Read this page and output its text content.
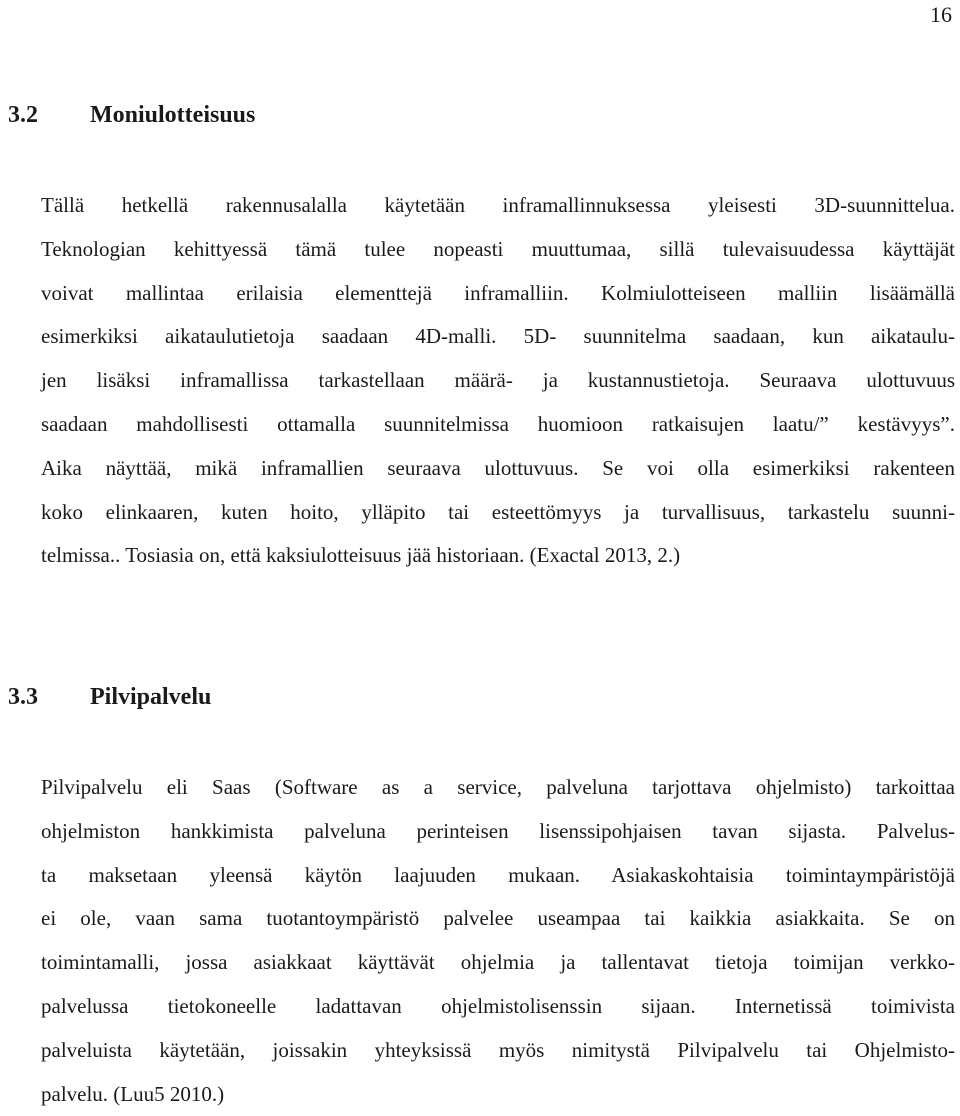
16
3.2 Moniulotteisuus
Tällä hetkellä rakennusalalla käytetään inframallinnuksessa yleisesti 3D-suunnittelua.
Teknologian kehittyessä tämä tulee nopeasti muuttumaa, sillä tulevaisuudessa käyttäjät
voivat mallintaa erilaisia elementtejä inframalliin. Kolmiulotteiseen malliin lisäämällä
esimerkiksi aikataulutietoja saadaan 4D-malli. 5D- suunnitelma saadaan, kun aikataulu-
jen lisäksi inframallissa tarkastellaan määrä- ja kustannustietoja. Seuraava ulottuvuus
saadaan mahdollisesti ottamalla suunnitelmissa huomioon ratkaisujen laatu/” kestävyys”.
Aika näyttää, mikä inframallien seuraava ulottuvuus. Se voi olla esimerkiksi rakenteen
koko elinkaaren, kuten hoito, ylläpito tai esteettömyys ja turvallisuus, tarkastelu suunni-
telmissa.. Tosiasia on, että kaksiulotteisuus jää historiaan. (Exactal 2013, 2.)
3.3 Pilvipalvelu
Pilvipalvelu eli Saas (Software as a service, palveluna tarjottava ohjelmisto) tarkoittaa
ohjelmiston hankkimista palveluna perinteisen lisenssipohjaisen tavan sijasta. Palvelus-
ta maksetaan yleensä käytön laajuuden mukaan. Asiakaskohtaisia toimintaympäristöjä
ei ole, vaan sama tuotantoympäristö palvelee useampaa tai kaikkia asiakkaita. Se on
toimintamalli, jossa asiakkaat käyttävät ohjelmia ja tallentavat tietoja toimijan verkko-
palvelussa tietokoneelle ladattavan ohjelmistolisenssin sijaan. Internetissä toimivista
palveluista käytetään, joissakin yhteyksissä myös nimitystä Pilvipalvelu tai Ohjelmisto-
palvelu. (Luu5 2010.)
